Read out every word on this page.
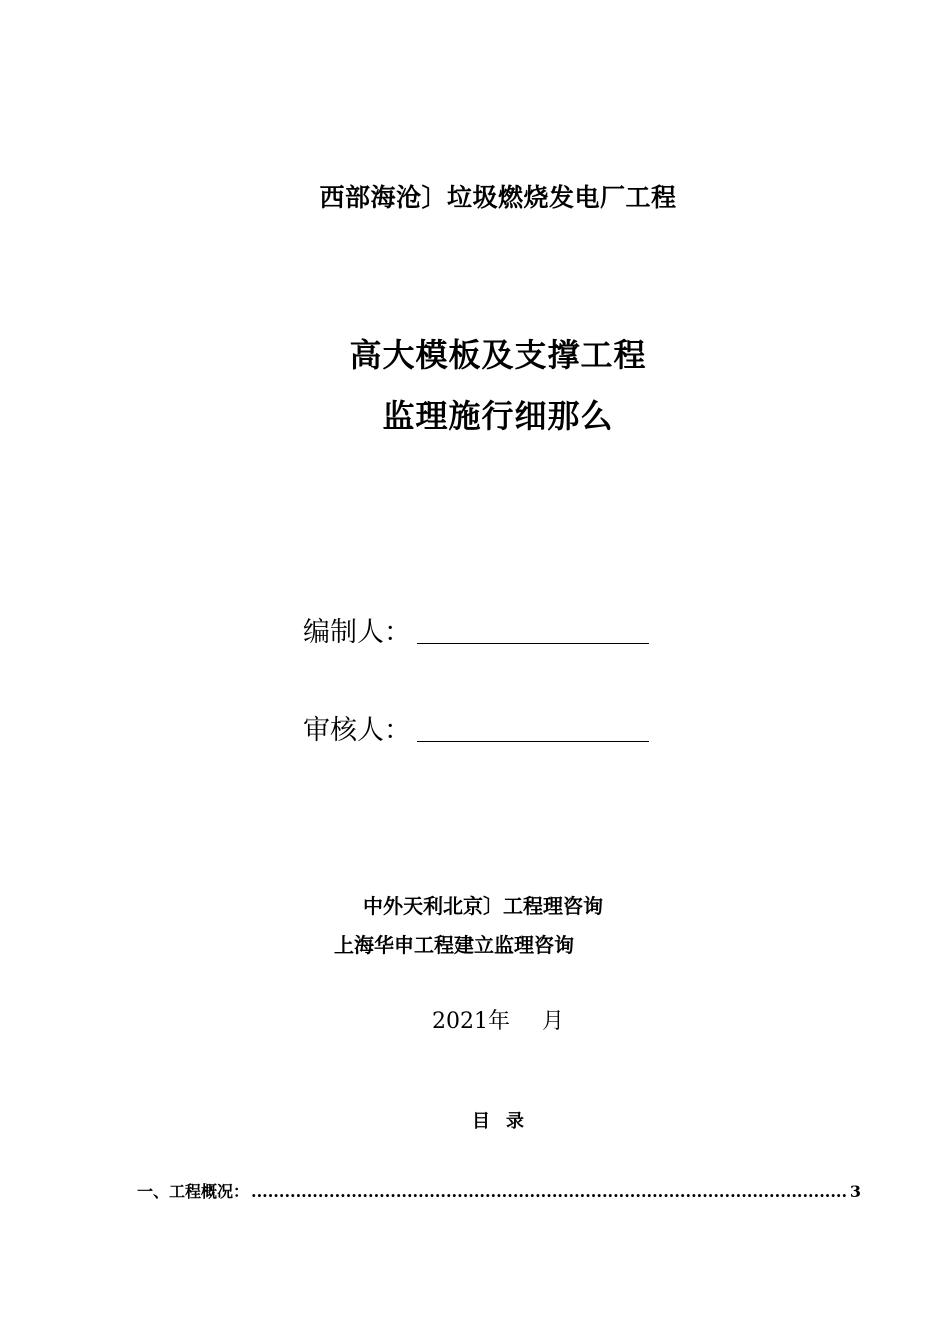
西部海沧〕垃圾燃烧发电厂工程
高大模板及支撑工程
监理施行细那么
编制人：
审核人：
中外天利北京〕工程理咨询
上海华申工程建立监理咨询
2021年 月
目 录
一、工程概况：
.....	3
